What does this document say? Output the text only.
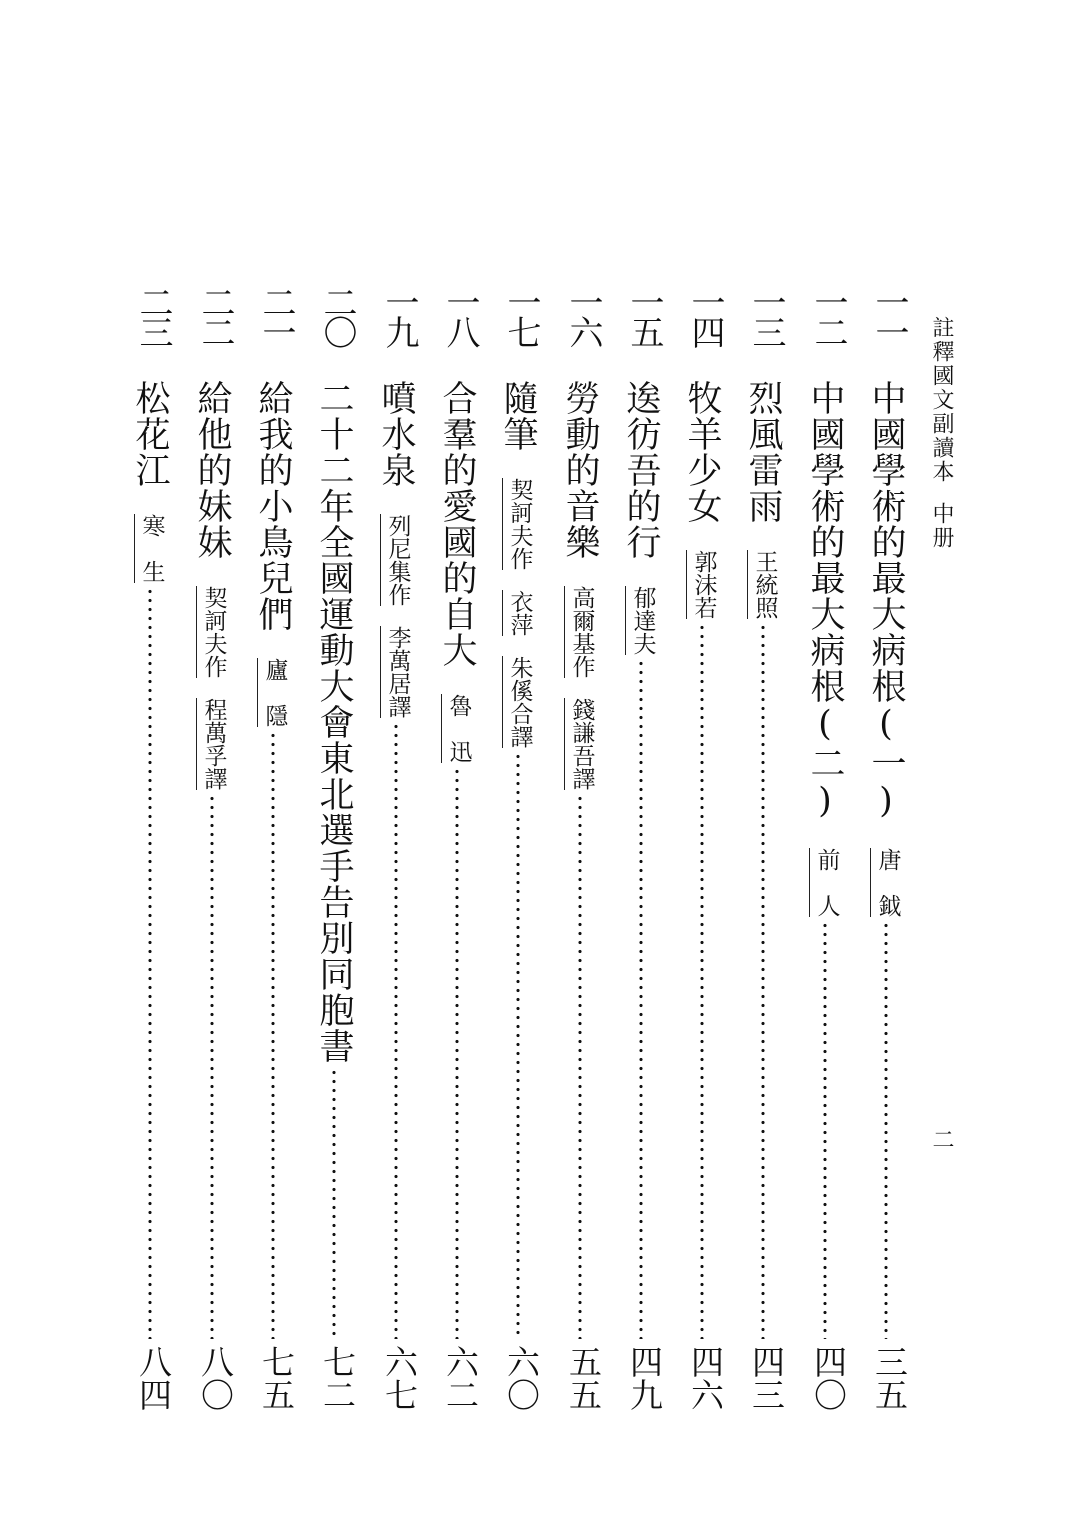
註釋國文副讀本中册
二
一一
中國學術的最大病根(一)
唐　鉞
三五
一二
中國學術的最大病根(二)
前　人
四〇
一三
烈風雷雨
王統照
四三
一四
牧羊少女
郭沫若
四六
一五
逘彷吾的行
郁達夫
四九
一六
勞動的音樂
高爾基作
錢謙吾譯
五五
一七
隨筆
契訶夫作
衣萍
朱傒合譯
六〇
一八
合羣的愛國的自大
魯　迅
六二
一九
噴水泉
列尼集作
李萬居譯
六七
二〇
二十二年全國運動大會東北選手告別同胞書
七二
二一
給我的小鳥兒們
廬　隱
七五
二二
給他的妹妹
契訶夫作
程萬孚譯
八〇
二三
松花江
寒　生
八四
